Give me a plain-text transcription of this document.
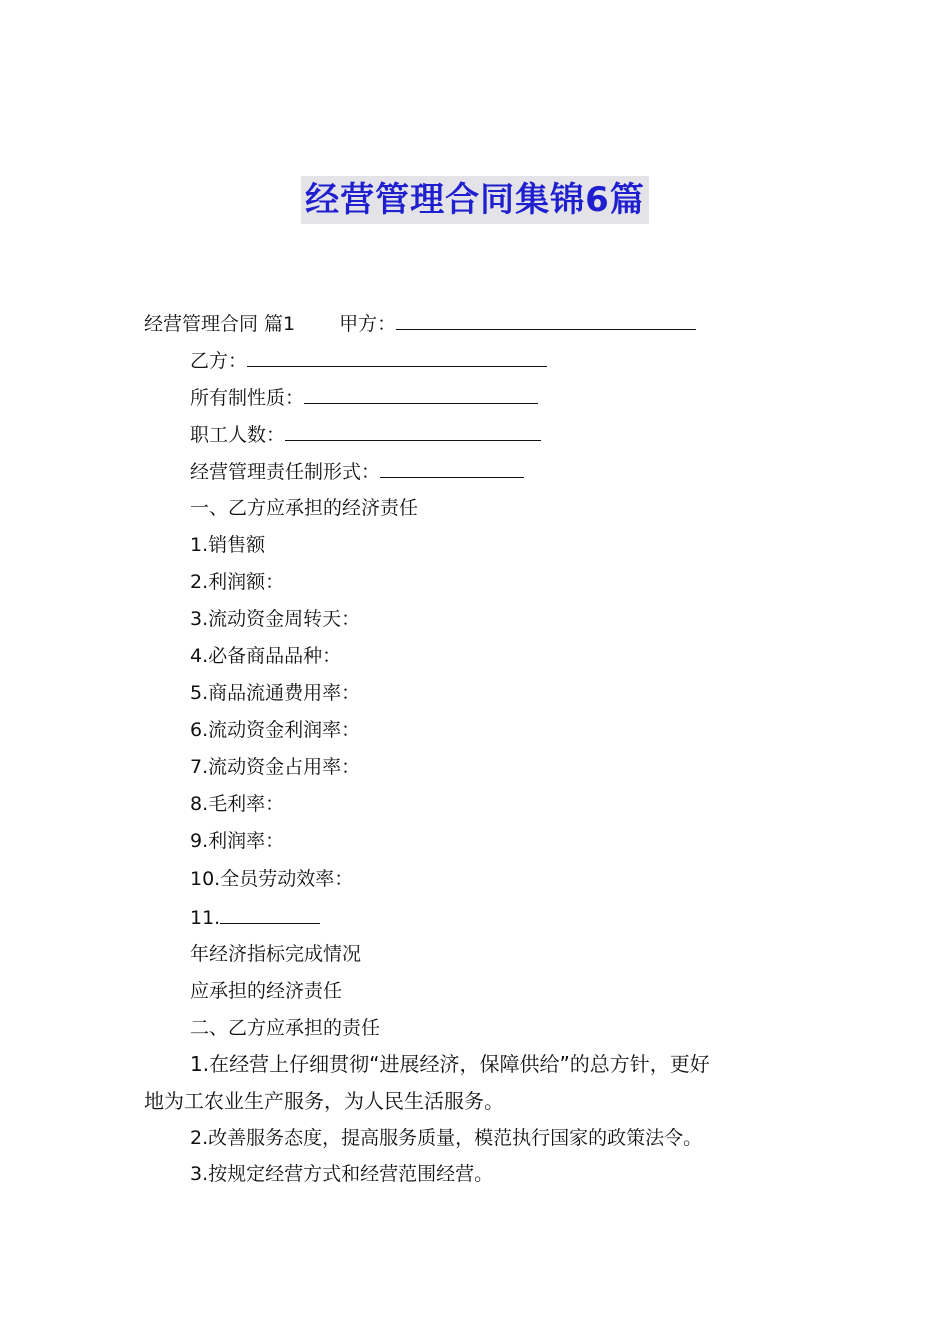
经营管理合同集锦6篇
经营管理合同 篇1 甲方：
乙方：
所有制性质：
职工人数：
经营管理责任制形式：
一、乙方应承担的经济责任
1.销售额
2.利润额：
3.流动资金周转天：
4.必备商品品种：
5.商品流通费用率：
6.流动资金利润率：
7.流动资金占用率：
8.毛利率：
9.利润率：
10.全员劳动效率：
11.
年经济指标完成情况
应承担的经济责任
二、乙方应承担的责任
1.在经营上仔细贯彻“进展经济，保障供给”的总方针，更好
地为工农业生产服务，为人民生活服务。
2.改善服务态度，提高服务质量，模范执行国家的政策法令。
3.按规定经营方式和经营范围经营。
